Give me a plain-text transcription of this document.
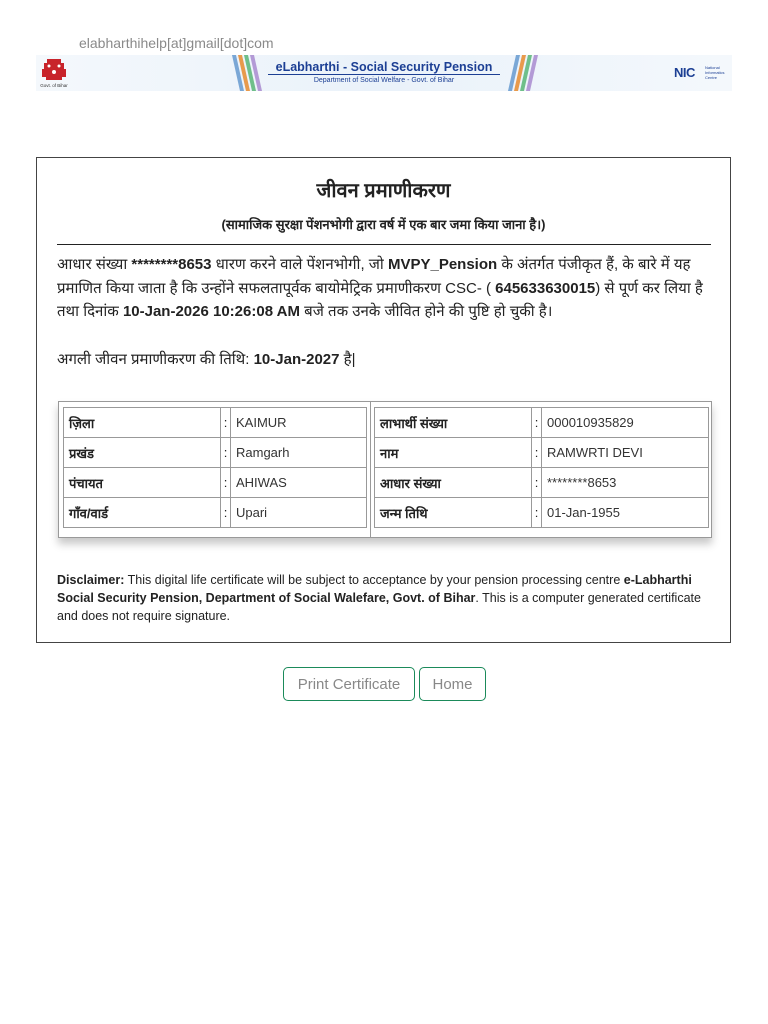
elabharthihelp[at]gmail[dot]com
Govt. of Bihar
eLabharthi - Social Security Pension
Department of Social Welfare - Govt. of Bihar
NIC	National Informatics Centre
जीवन प्रमाणीकरण
(सामाजिक सुरक्षा पेंशनभोगी द्वारा वर्ष में एक बार जमा किया जाना है।)
आधार संख्या ********8653 धारण करने वाले पेंशनभोगी, जो MVPY_Pension के अंतर्गत पंजीकृत हैं, के बारे में यह प्रमाणित किया जाता है कि उन्होंने सफलतापूर्वक बायोमेट्रिक प्रमाणीकरण CSC- ( 645633630015) से पूर्ण कर लिया है तथा दिनांक 10-Jan-2026 10:26:08 AM बजे तक उनके जीवित होने की पुष्टि हो चुकी है।
अगली जीवन प्रमाणीकरण की तिथि: 10-Jan-2027 है|
ज़िला	:	KAIMUR
प्रखंड	:	Ramgarh
पंचायत	:	AHIWAS
गाँव/वार्ड	:	Upari
लाभार्थी संख्या	:	000010935829
नाम	:	RAMWRTI DEVI
आधार संख्या	:	********8653
जन्म तिथि	:	01-Jan-1955
Disclaimer: This digital life certificate will be subject to acceptance by your pension processing centre e-Labharthi Social Security Pension, Department of Social Walefare, Govt. of Bihar. This is a computer generated certificate and does not require signature.
Print Certificate	Home
